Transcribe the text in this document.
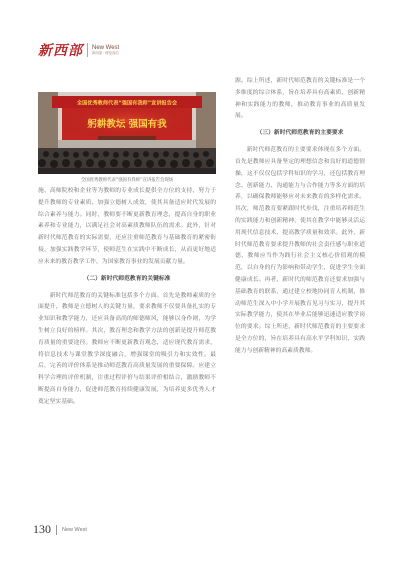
新西部 New West
新西部 · 理论前沿
全国优秀教师代表“强国有我师”宣讲报告会
躬耕教坛 强国有我
全国优秀教师代表“强国有我师”宣讲报告会现场

施、高师院校和企业等为教师的专业成长提供全方位的支持，努力于提升教师的专业素质、加强立德树人成效，使其具备适应时代发展的综合素养与能力。同时，教师要不断更新教育理念，提高自身的职业素养和专业能力，以满足社会对高素质教师队伍的需求。此外，针对新时代师范教育的实际需要，还应注重师范教育与基础教育的紧密衔接，加强实践教学环节，使师范生在实践中不断成长，从而更好地适应未来的教育教学工作，为国家教育事业的发展贡献力量。

（二）新时代师范教育的关键标准

新时代师范教育的关键标准包括多个方面。首先是教师素质的全面提升，教师是立德树人的关键力量，要求教师不仅要具备扎实的专业知识和教学能力，还应具备高尚的师德师风，能够以身作则，为学生树立良好的榜样。其次，教育理念和教学方法的创新是提升师范教育质量的重要途径。教师应不断更新教育观念，适应现代教育需求，将信息技术与课堂教学深度融合，增强课堂的吸引力和实效性。最后，完善的评价体系是推动师范教育高质量发展的重要保障。应建立科学合理的评价机制，注重过程评价与结果评价相结合，激励教师不断提高自身能力，促进师范教育持续健康发展，为培养更多优秀人才奠定坚实基础。

源。综上所述，新时代师范教育的关键标准是一个多维度的综合体系，旨在培养具有高素质、创新精神和实践能力的教师，推动教育事业的高质量发展。

（三）新时代师范教育的主要要求

新时代师范教育的主要要求体现在多个方面。首先是教师应具备坚定的理想信念和良好的道德情操，这不仅仅包括学科知识的学习，还包括教育理念、创新能力、沟通能力与合作能力等多方面的培养，以确保教师能够应对未来教育的多样化需求。其次，师范教育要紧跟时代步伐，注重培养师范生的实践能力和创新精神，使其在教学中能够灵活运用现代信息技术，提高教学质量和效率。此外，新时代师范教育要求提升教师的社会责任感与职业道德，教师应当作为践行社会主义核心价值观的模范，以自身的行为影响和带动学生，促进学生全面健康成长。再者，新时代的师范教育还要求加强与基础教育的联系，通过建立校地协同育人机制，推动师范生深入中小学开展教育见习与实习，提升其实际教学能力，使其在毕业后能够迅速适应教学岗位的要求。综上所述，新时代师范教育的主要要求是全方位的，旨在培养具有高水平学科知识、实践能力与创新精神的高素质教师。

130 New West
